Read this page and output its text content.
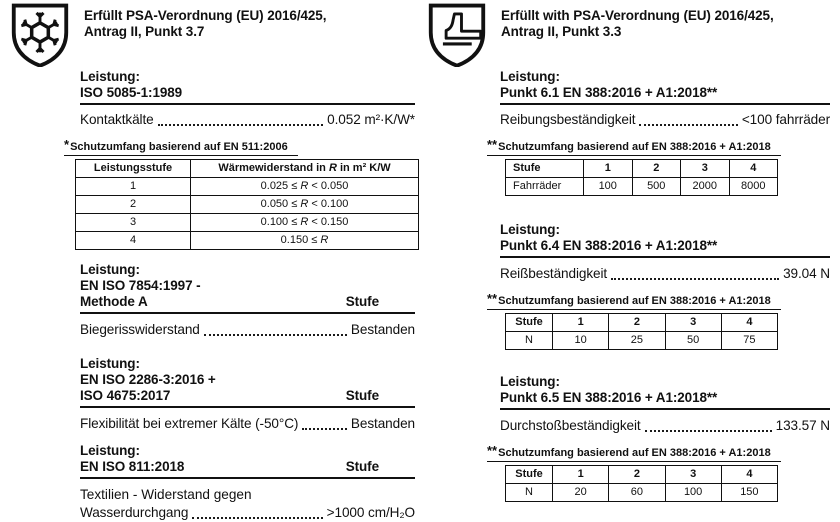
Erfüllt PSA-Verordnung (EU) 2016/425,
Antrag II, Punkt 3.7
Leistung:
ISO 5085-1:1989
Kontaktkälte	0.052 m²·K/W*
*Schutzumfang basierend auf EN 511:2006
Leistungsstufe	Wärmewiderstand in R in m² K/W
1	0.025 ≤ R < 0.050
2	0.050 ≤ R < 0.100
3	0.100 ≤ R < 0.150
4	0.150 ≤ R
Leistung:
EN ISO 7854:1997 -
Methode A	Stufe
Biegerisswiderstand	Bestanden
Leistung:
EN ISO 2286-3:2016 +
ISO 4675:2017	Stufe
Flexibilität bei extremer Kälte (-50°C)	Bestanden
Leistung:
EN ISO 811:2018	Stufe
Textilien - Widerstand gegen
Wasserdurchgang	>1000 cm/H₂O
Erfüllt with PSA-Verordnung (EU) 2016/425,
Antrag II, Punkt 3.3
Leistung:
Punkt 6.1 EN 388:2016 + A1:2018**
Reibungsbeständigkeit	<100 fahrräder
**Schutzumfang basierend auf EN 388:2016 + A1:2018
Stufe	1	2	3	4
Fahrräder	100	500	2000	8000
Leistung:
Punkt 6.4 EN 388:2016 + A1:2018**
Reißbeständigkeit	39.04 N
**Schutzumfang basierend auf EN 388:2016 + A1:2018
Stufe	1	2	3	4
N	10	25	50	75
Leistung:
Punkt 6.5 EN 388:2016 + A1:2018**
Durchstoßbeständigkeit	133.57 N
**Schutzumfang basierend auf EN 388:2016 + A1:2018
Stufe	1	2	3	4
N	20	60	100	150
